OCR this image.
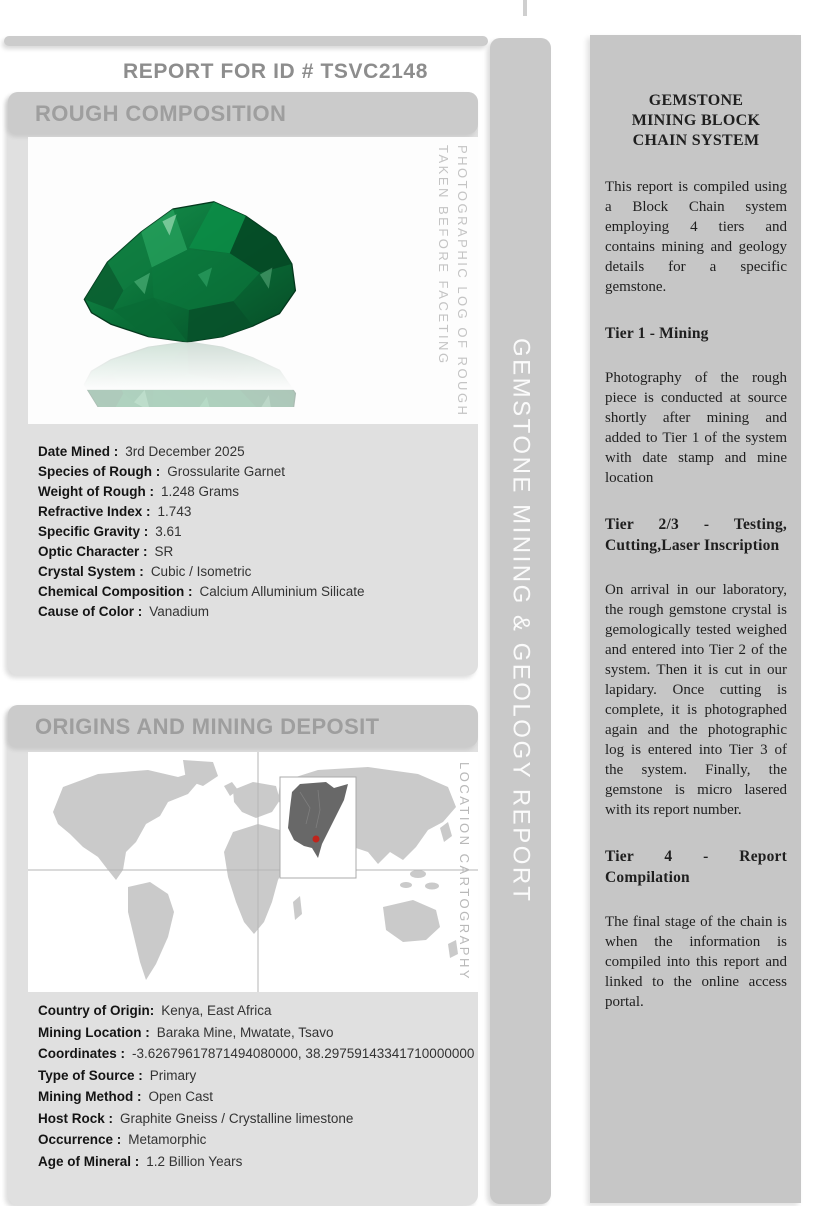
REPORT FOR ID # TSVC2148
ROUGH COMPOSITION
PHOTOGRAPHIC LOG OF ROUGH
TAKEN BEFORE FACETING
Date Mined : 3rd December 2025
Species of Rough : Grossularite Garnet
Weight of Rough : 1.248 Grams
Refractive Index : 1.743
Specific Gravity : 3.61
Optic Character : SR
Crystal System : Cubic / Isometric
Chemical Composition : Calcium Alluminium Silicate
Cause of Color : Vanadium
ORIGINS AND MINING DEPOSIT
LOCATION CARTOGRAPHY
Country of Origin: Kenya, East Africa
Mining Location : Baraka Mine, Mwatate, Tsavo
Coordinates : -3.62679617871494080000, 38.29759143341710000000
Type of Source : Primary
Mining Method : Open Cast
Host Rock : Graphite Gneiss / Crystalline limestone
Occurrence : Metamorphic
Age of Mineral : 1.2 Billion Years
GEMSTONE MINING & GEOLOGY REPORT
GEMSTONE MINING BLOCK CHAIN SYSTEM

This report is compiled using a Block Chain system employing 4 tiers and contains mining and geology details for a specific gemstone.

Tier 1 - Mining

Photography of the rough piece is conducted at source shortly after mining and added to Tier 1 of the system with date stamp and mine location

Tier 2/3 - Testing, Cutting,Laser Inscription

On arrival in our laboratory, the rough gemstone crystal is gemologically tested weighed and entered into Tier 2 of the system. Then it is cut in our lapidary. Once cutting is complete, it is photographed again and the photographic log is entered into Tier 3 of the system. Finally, the gemstone is micro lasered with its report number.

Tier 4 - Report Compilation

The final stage of the chain is when the information is compiled into this report and linked to the online access portal.
